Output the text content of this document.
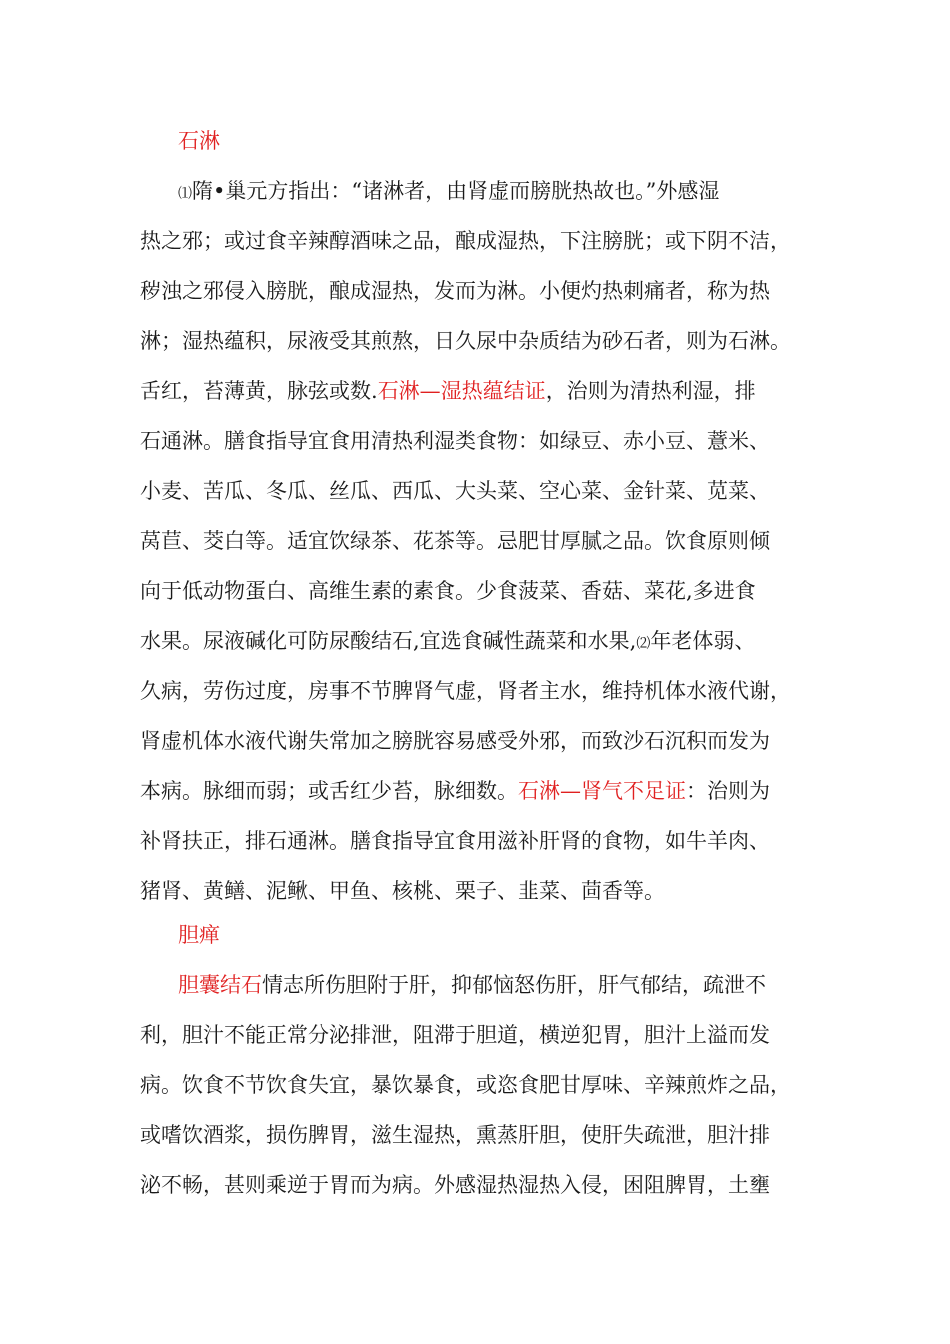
石淋
⑴隋•巢元方指出：“诸淋者，由肾虚而膀胱热故也。”外感湿
热之邪；或过食辛辣醇酒味之品，酿成湿热，下注膀胱；或下阴不洁，
秽浊之邪侵入膀胱，酿成湿热，发而为淋。小便灼热刺痛者，称为热
淋；湿热蕴积，尿液受其煎熬，日久尿中杂质结为砂石者，则为石淋。
舌红，苔薄黄，脉弦或数.石淋—湿热蕴结证，治则为清热利湿，排
石通淋。膳食指导宜食用清热利湿类食物：如绿豆、赤小豆、薏米、
小麦、苦瓜、冬瓜、丝瓜、西瓜、大头菜、空心菜、金针菜、苋菜、
莴苣、茭白等。适宜饮绿茶、花茶等。忌肥甘厚腻之品。饮食原则倾
向于低动物蛋白、高维生素的素食。少食菠菜、香菇、菜花,多进食
水果。尿液碱化可防尿酸结石,宜选食碱性蔬菜和水果,⑵年老体弱、
久病，劳伤过度，房事不节脾肾气虚，肾者主水，维持机体水液代谢，
肾虚机体水液代谢失常加之膀胱容易感受外邪，而致沙石沉积而发为
本病。脉细而弱；或舌红少苔，脉细数。石淋—肾气不足证：治则为
补肾扶正，排石通淋。膳食指导宜食用滋补肝肾的食物，如牛羊肉、
猪肾、黄鳝、泥鳅、甲鱼、核桃、栗子、韭菜、茴香等。
胆瘅
胆囊结石情志所伤胆附于肝，抑郁恼怒伤肝，肝气郁结，疏泄不
利，胆汁不能正常分泌排泄，阻滞于胆道，横逆犯胃，胆汁上溢而发
病。饮食不节饮食失宜，暴饮暴食，或恣食肥甘厚味、辛辣煎炸之品，
或嗜饮酒浆，损伤脾胃，滋生湿热，熏蒸肝胆，使肝失疏泄，胆汁排
泌不畅，甚则乘逆于胃而为病。外感湿热湿热入侵，困阻脾胃，土壅
